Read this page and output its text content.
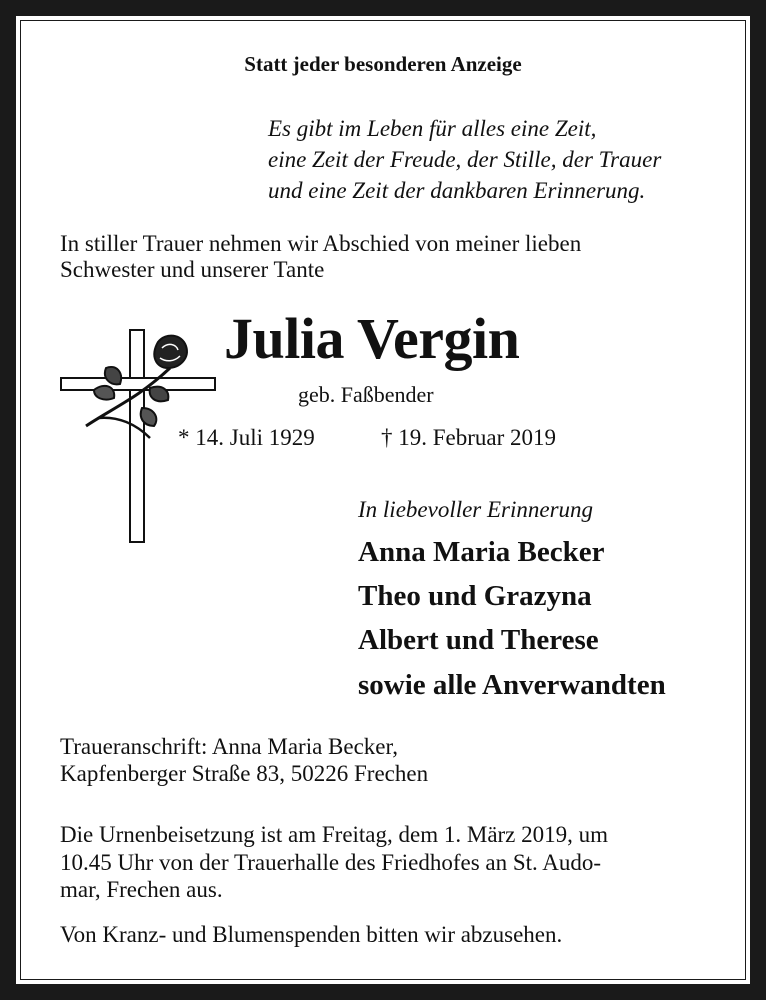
Statt jeder besonderen Anzeige
Es gibt im Leben für alles eine Zeit,
eine Zeit der Freude, der Stille, der Trauer
und eine Zeit der dankbaren Erinnerung.
In stiller Trauer nehmen wir Abschied von meiner lieben
Schwester und unserer Tante
Julia Vergin
geb. Faßbender
* 14. Juli 1929	† 19. Februar 2019
In liebevoller Erinnerung
Anna Maria Becker
Theo und Grazyna
Albert und Therese
sowie alle Anverwandten
Traueranschrift: Anna Maria Becker,
Kapfenberger Straße 83, 50226 Frechen
Die Urnenbeisetzung ist am Freitag, dem 1. März 2019, um
10.45 Uhr von der Trauerhalle des Friedhofes an St. Audo-
mar, Frechen aus.
Von Kranz- und Blumenspenden bitten wir abzusehen.
